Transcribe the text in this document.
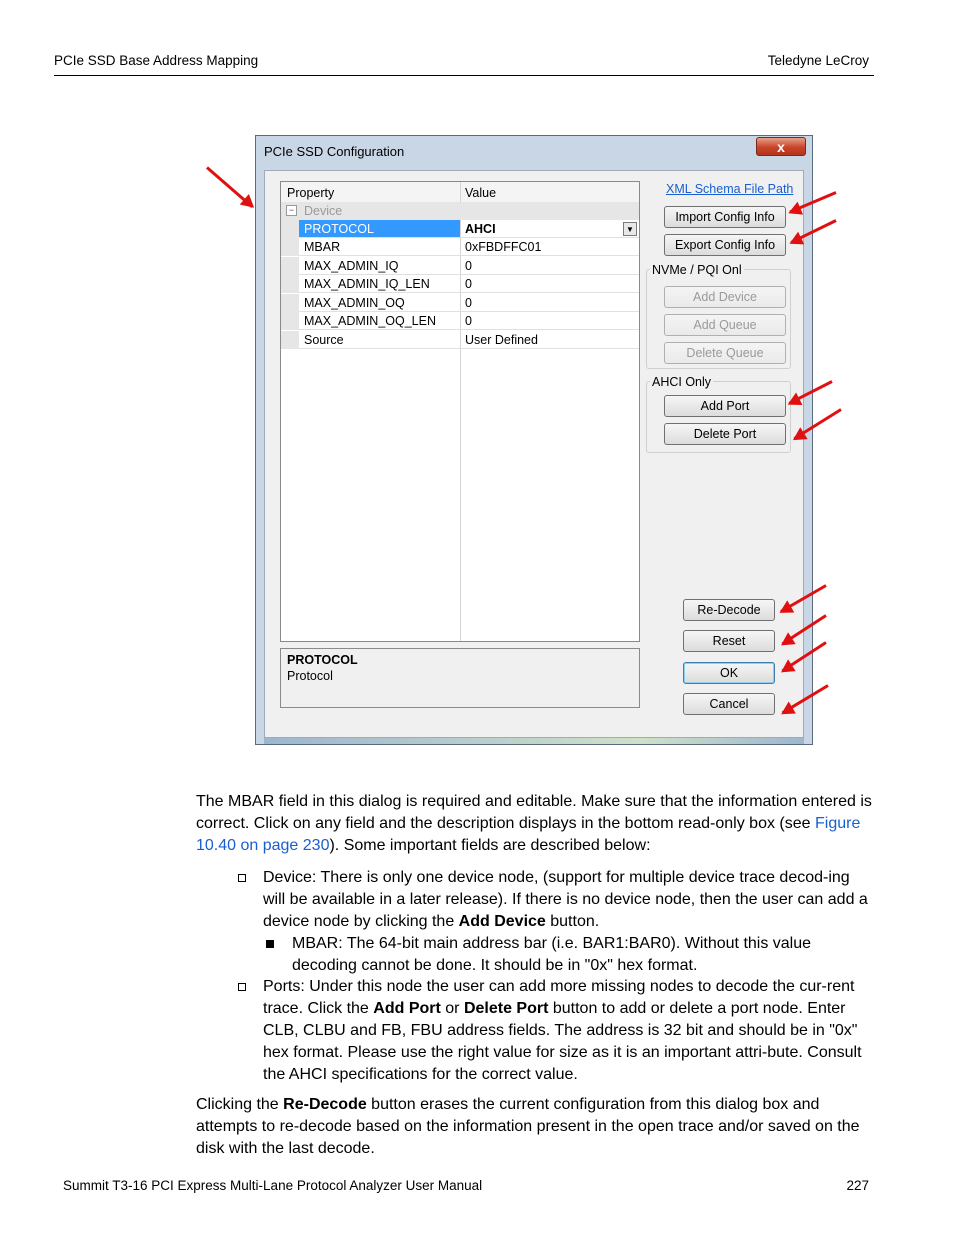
PCIe SSD Base Address Mapping	Teledyne LeCroy
PCIe SSD Configuration	x
Property	Value
− Device
PROTOCOL	AHCI	▼
MBAR	0xFBDFFC01
MAX_ADMIN_IQ	0
MAX_ADMIN_IQ_LEN	0
MAX_ADMIN_OQ	0
MAX_ADMIN_OQ_LEN 0
Source	User Defined
PROTOCOL
Protocol
XML Schema File Path
Import Config Info
Export Config Info
NVMe / PQI Onl
Add Device
Add Queue
Delete Queue
AHCI Only
Add Port
Delete Port
Re-Decode
Reset
OK
Cancel
The MBAR field in this dialog is required and editable. Make sure that the information entered is correct. Click on any field and the description displays in the bottom read-only box (see Figure 10.40 on page 230). Some important fields are described below:
Device: There is only one device node, (support for multiple device trace decod-ing will be available in a later release). If there is no device node, then the user can add a device node by clicking the Add Device button.
MBAR: The 64-bit main address bar (i.e. BAR1:BAR0). Without this value decoding cannot be done. It should be in "0x" hex format.
Ports: Under this node the user can add more missing nodes to decode the cur-rent trace. Click the Add Port or Delete Port button to add or delete a port node. Enter CLB, CLBU and FB, FBU address fields. The address is 32 bit and should be in "0x" hex format. Please use the right value for size as it is an important attri-bute. Consult the AHCI specifications for the correct value.
Clicking the Re-Decode button erases the current configuration from this dialog box and attempts to re-decode based on the information present in the open trace and/or saved on the disk with the last decode.
Summit T3-16 PCI Express Multi-Lane Protocol Analyzer User Manual	227
